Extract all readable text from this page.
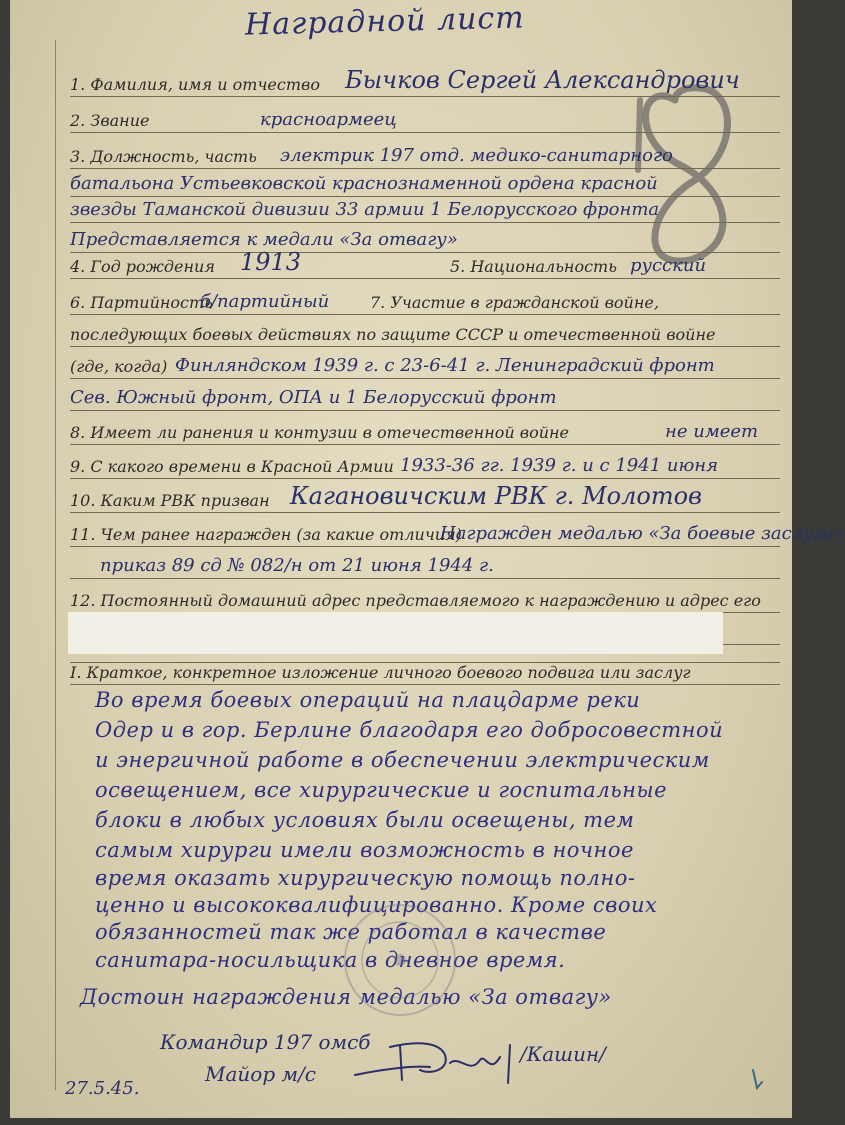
Наградной лист
1. Фамилия, имя и отчество Бычков Сергей Александрович
2. Звание	красноармеец
3. Должность, часть электрик 197 отд. медико-санитарного
батальона Устьевковской краснознаменной ордена красной
звезды Таманской дивизии 33 армии 1 Белорусского фронта
Представляется к медали «За отвагу»
4. Год рождения 1913	5. Национальность русский
6. Партийность
б/партийный	7. Участие в гражданской войне,
последующих боевых действиях по защите СССР и отечественной войне
(где, когда) Финляндском 1939 г. с 23-6-41 г. Ленинградский фронт
Сев. Южный фронт, ОПА и 1 Белорусский фронт
8. Имеет ли ранения и контузии в отечественной войне	не имеет
9. С какого времени в Красной Армии 1933-36 гг. 1939 г. и с 1941 июня
10. Каким РВК призван Кагановичским РВК г. Молотов
11. Чем ранее награжден (за какие отличия)
Награжден медалью «За боевые заслуги»
приказ 89 сд № 082/н от 21 июня 1944 г.
12. Постоянный домашний адрес представляемого к награждению и адрес его
I. Краткое, конкретное изложение личного боевого подвига или заслуг
Во время боевых операций на плацдарме реки
Одер и в гор. Берлине благодаря его добросовестной
и энергичной работе в обеспечении электрическим
освещением, все хирургические и госпитальные
блоки в любых условиях были освещены, тем
самым хирурги имели возможность в ночное
время оказать хирургическую помощь полно-
ценно и высококвалифицированно. Кроме своих
обязанностей так же работал в качестве
санитара-носильщика в дневное время.
Достоин награждения медалью «За отвагу»
Командир 197 омсб
Майор м/с
27.5.45.
/Кашин/
